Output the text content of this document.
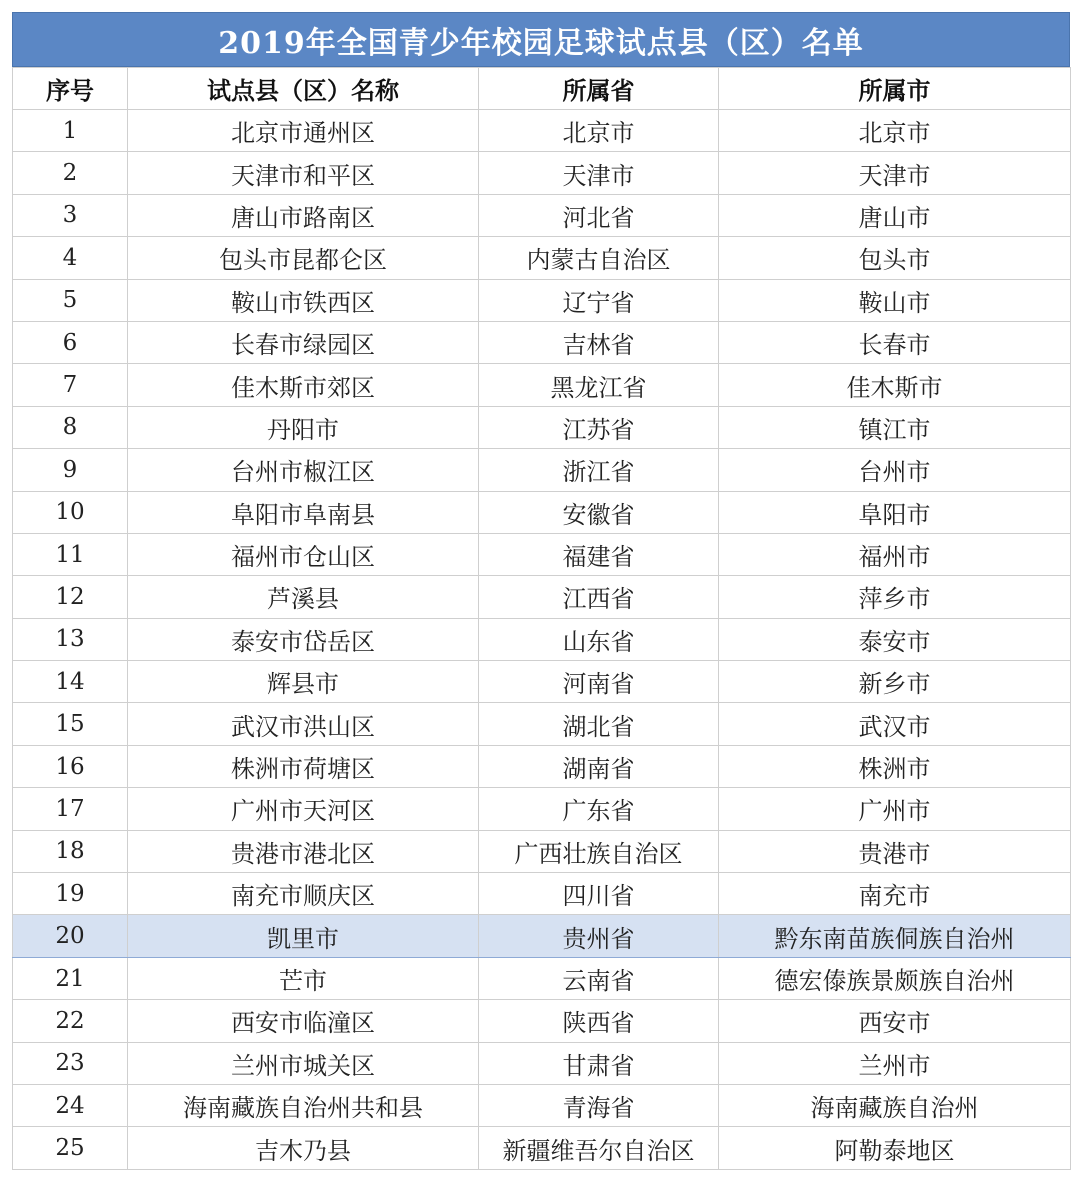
2019年全国青少年校园足球试点县（区）名单
序号	试点县（区）名称	所属省	所属市
1	北京市通州区	北京市	北京市
2	天津市和平区	天津市	天津市
3	唐山市路南区	河北省	唐山市
4	包头市昆都仑区	内蒙古自治区	包头市
5	鞍山市铁西区	辽宁省	鞍山市
6	长春市绿园区	吉林省	长春市
7	佳木斯市郊区	黑龙江省	佳木斯市
8	丹阳市	江苏省	镇江市
9	台州市椒江区	浙江省	台州市
10	阜阳市阜南县	安徽省	阜阳市
11	福州市仓山区	福建省	福州市
12	芦溪县	江西省	萍乡市
13	泰安市岱岳区	山东省	泰安市
14	辉县市	河南省	新乡市
15	武汉市洪山区	湖北省	武汉市
16	株洲市荷塘区	湖南省	株洲市
17	广州市天河区	广东省	广州市
18	贵港市港北区	广西壮族自治区	贵港市
19	南充市顺庆区	四川省	南充市
20	凯里市	贵州省	黔东南苗族侗族自治州
21	芒市	云南省	德宏傣族景颇族自治州
22	西安市临潼区	陕西省	西安市
23	兰州市城关区	甘肃省	兰州市
24	海南藏族自治州共和县	青海省	海南藏族自治州
25	吉木乃县	新疆维吾尔自治区	阿勒泰地区
